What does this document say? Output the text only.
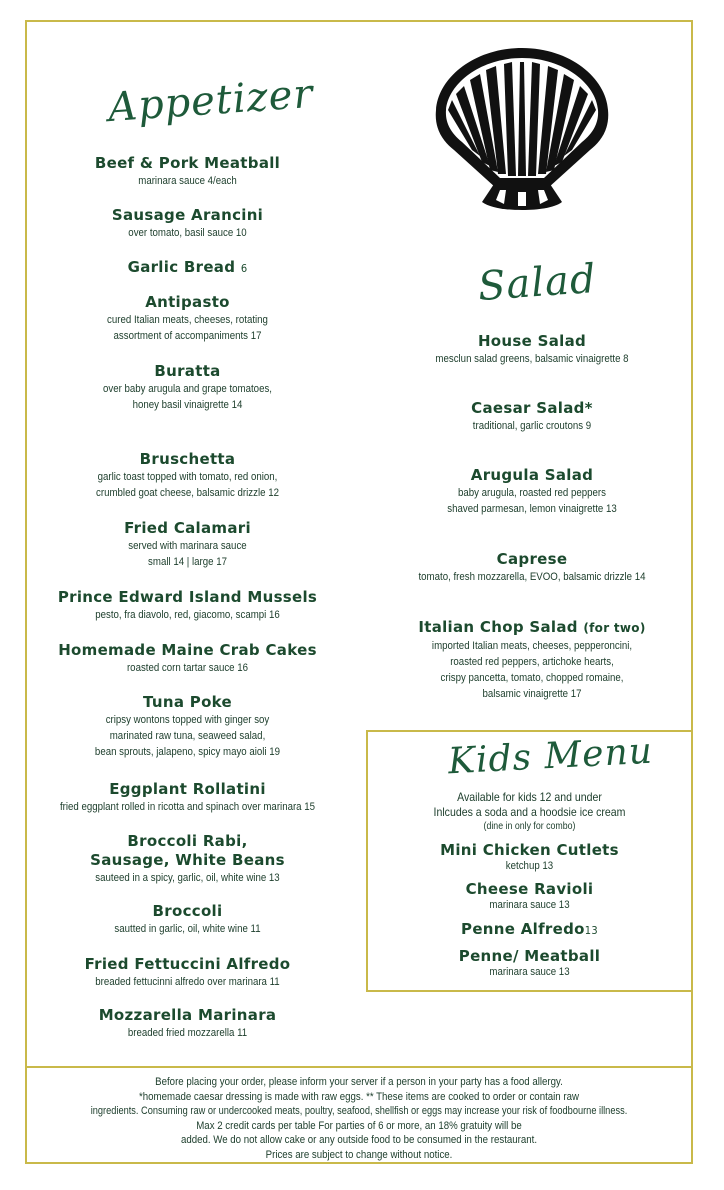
Appetizer
Beef & Pork Meatball
marinara sauce 4/each
Sausage Arancini
over tomato, basil sauce 10
Garlic Bread 6
Antipasto
cured Italian meats, cheeses, rotating
assortment of accompaniments 17
Buratta
over baby arugula and grape tomatoes,
honey basil vinaigrette 14
Bruschetta
garlic toast topped with tomato, red onion,
crumbled goat cheese, balsamic drizzle 12
Fried Calamari
served with marinara sauce
small 14 | large 17
Prince Edward Island Mussels
pesto, fra diavolo, red, giacomo, scampi 16
Homemade Maine Crab Cakes
roasted corn tartar sauce 16
Tuna Poke
cripsy wontons topped with ginger soy
marinated raw tuna, seaweed salad,
bean sprouts, jalapeno, spicy mayo aioli 19
Eggplant Rollatini
fried eggplant rolled in ricotta and spinach over marinara 15
Broccoli Rabi,
Sausage, White Beans
sauteed in a spicy, garlic, oil, white wine 13
Broccoli
sautted in garlic, oil, white wine 11
Fried Fettuccini Alfredo
breaded fettucinni alfredo over marinara 11
Mozzarella Marinara
breaded fried mozzarella 11
Salad
House Salad
mesclun salad greens, balsamic vinaigrette 8
Caesar Salad*
traditional, garlic croutons 9
Arugula Salad
baby arugula, roasted red peppers
shaved parmesan, lemon vinaigrette 13
Caprese
tomato, fresh mozzarella, EVOO, balsamic drizzle 14
Italian Chop Salad (for two)
imported Italian meats, cheeses, pepperoncini,
roasted red peppers, artichoke hearts,
crispy pancetta, tomato, chopped romaine,
balsamic vinaigrette 17
Kids Menu
Available for kids 12 and under
Inlcudes a soda and a hoodsie ice cream
(dine in only for combo)
Mini Chicken Cutlets
ketchup 13
Cheese Ravioli
marinara sauce 13
Penne Alfredo13
Penne/ Meatball
marinara sauce 13
Before placing your order, please inform your server if a person in your party has a food allergy.
*homemade caesar dressing is made with raw eggs. ** These items are cooked to order or contain raw
ingredients. Consuming raw or undercooked meats, poultry, seafood, shellfish or eggs may increase your risk of foodbourne illness.
Max 2 credit cards per table For parties of 6 or more, an 18% gratuity will be
added. We do not allow cake or any outside food to be consumed in the restaurant.
Prices are subject to change without notice.
